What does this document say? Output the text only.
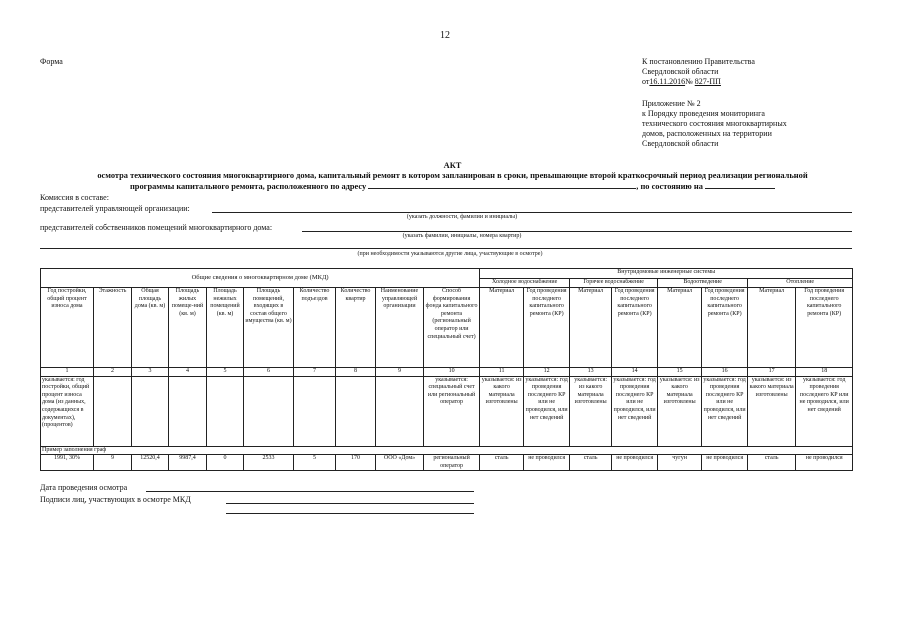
12
Форма	К постановлению Правительства
Свердловской области
от16.11.2016№ 827-ПП
Приложение № 2
к Порядку проведения мониторинга
технического состояния многоквартирных
домов, расположенных на территории
Свердловской области
АКТ
осмотра технического состояния многоквартирного дома, капитальный ремонт в котором запланирован в сроки, превышающие второй краткосрочный период реализации региональной
программы капитального ремонта, расположенного по адресу	, по состоянию на
Комиссия в составе:
представителей управляющей организации:
(указать должности, фамилии и инициалы)
представителей собственников помещений многоквартирного дома:
(указать фамилии, инициалы, номера квартир)
(при необходимости указываются другие лица, участвующие в осмотре)
Общие сведения о многоквартирном доме (МКД)										Внутридомовые инженерные системы							
										Холодное водоснабжение		Горячее водоснабжение		Водоотведение		Отопление	
Год постройки, общий процент износа дома	Этажность	Общая площадь дома (кв. м)	Площадь жилых помеще-ний (кв. м)	Площадь нежилых помещений (кв. м)	Площадь помещений, входящих в состав общего имущества (кв. м)	Количество подъездов	Количество квартир	Наименование управляющей организации	Способ формирования фонда капитального ремонта (региональный оператор или специальный счет)	Материал	Год проведения последнего капитального ремонта (КР)	Материал	Год проведения последнего капитального ремонта (КР)	Материал	Год проведения последнего капитального ремонта (КР)	Материал	Год проведения последнего капитального ремонта (КР)
1	2	3	4	5	6	7	8	9	10	11	12	13	14	15	16	17	18
указывается: год постройки, общий процент износа дома (из данных, содержащихся в документах), (процентов)									указывается: специальный счет или региональный оператор	указывается: из какого материала изготовлены	указывается: год проведения последнего КР или не проводился, или нет сведений	указывается: из какого материала изготовлены	указывается: год проведения последнего КР или не проводился, или нет сведений	указывается: из какого материала изготовлены	указывается: год проведения последнего КР или не проводился, или нет сведений	указывается: из какого материала изготовлены	указывается: год проведения последнего КР или не проводился, или нет сведений
Пример заполнения граф																	
1991, 30%	9	12520,4	9987,4	0	2533	5	170	ООО «Дом»	региональный оператор	сталь	не проводился	сталь	не проводился	чугун	не проводился	сталь	не проводился
Дата проведения осмотра
Подписи лиц, участвующих в осмотре МКД
